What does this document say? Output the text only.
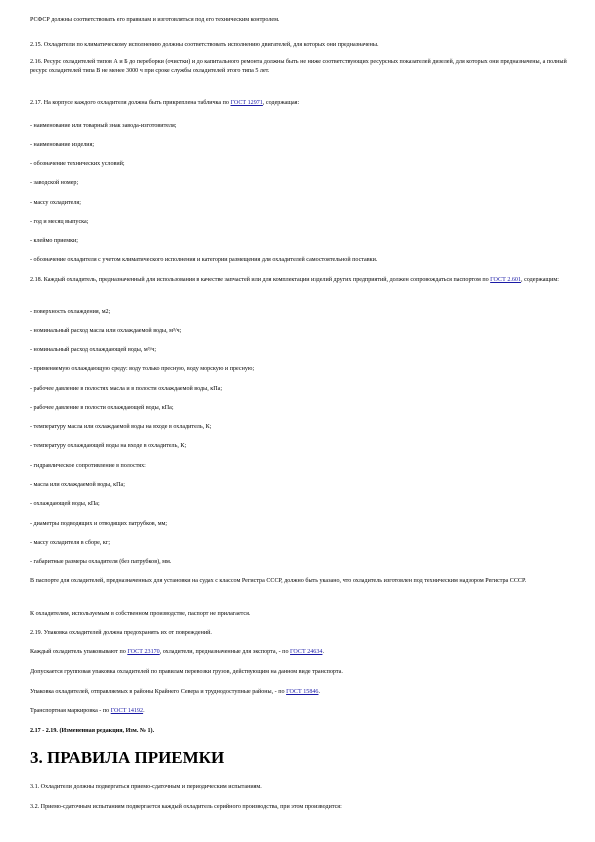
РСФСР должны соответствовать его правилам и изготовляться под его техническим контролем.
2.15. Охладители по климатическому исполнению должны соответствовать исполнению двигателей, для которых они предназначены.
2.16. Ресурс охладителей типов А и Б до переборки (очистки) и до капитального ремонта должны быть не ниже соответствующих ресурсных показателей дизелей, для которых они предназначены, а полный ресурс охладителей типа В не менее 3000 ч при сроке службы охладителей этого типа 5 лет.
2.17. На корпусе каждого охладителя должна быть прикреплена табличка по ГОСТ 12971, содержащая:
- наименование или товарный знак завода-изготовителя;
- наименование изделия;
- обозначение технических условий;
- заводской номер;
- массу охладителя;
- год и месяц выпуска;
- клеймо приемки;
- обозначение охладителя с учетом климатического исполнения и категории размещения для охладителей самостоятельной поставки.
2.18. Каждый охладитель, предназначенный для использования в качестве запчастей или для комплектации изделий других предприятий, должен сопровождаться паспортом по ГОСТ 2.601, содержащим:
- поверхность охлаждения, м2;
- номинальный расход масла или охлаждаемой воды, м³/ч;
- номинальный расход охлаждающей воды, м³/ч;
- применяемую охлаждающую среду: воду только пресную, воду морскую и пресную;
- рабочее давление в полостях масла и в полости охлаждаемой воды, кПа;
- рабочее давление в полости охлаждающей воды, кПа;
- температуру масла или охлаждаемой воды на входе в охладитель, К;
- температуру охлаждающей воды на входе в охладитель, К;
- гидравлическое сопротивление в полостях:
- масла или охлаждаемой воды, кПа;
- охлаждающей воды, кПа;
- диаметры подводящих и отводящих патрубков, мм;
- массу охладителя в сборе, кг;
- габаритные размеры охладителя (без патрубков), мм.
В паспорте для охладителей, предназначенных для установки на судах с классом Регистра СССР, должно быть указано, что охладитель изготовлен под техническим надзором Регистра СССР.
К охладителям, используемым в собственном производстве, паспорт не прилагается.
2.19. Упаковка охладителей должна предохранять их от повреждений.
Каждый охладитель упаковывают по ГОСТ 23170, охладители, предназначенные для экспорта, - по ГОСТ 24634.
Допускается групповая упаковка охладителей по правилам перевозки грузов, действующим на данном виде транспорта.
Упаковка охладителей, отправляемых в районы Крайнего Севера и труднодоступные районы, - по ГОСТ 15846.
Транспортная маркировка - по ГОСТ 14192.
2.17 - 2.19. (Измененная редакция, Изм. № 1).
3. ПРАВИЛА ПРИЕМКИ
3.1. Охладители должны подвергаться приемо-сдаточным и периодическим испытаниям.
3.2. Приемо-сдаточным испытаниям подвергается каждый охладитель серийного производства, при этом производится:
